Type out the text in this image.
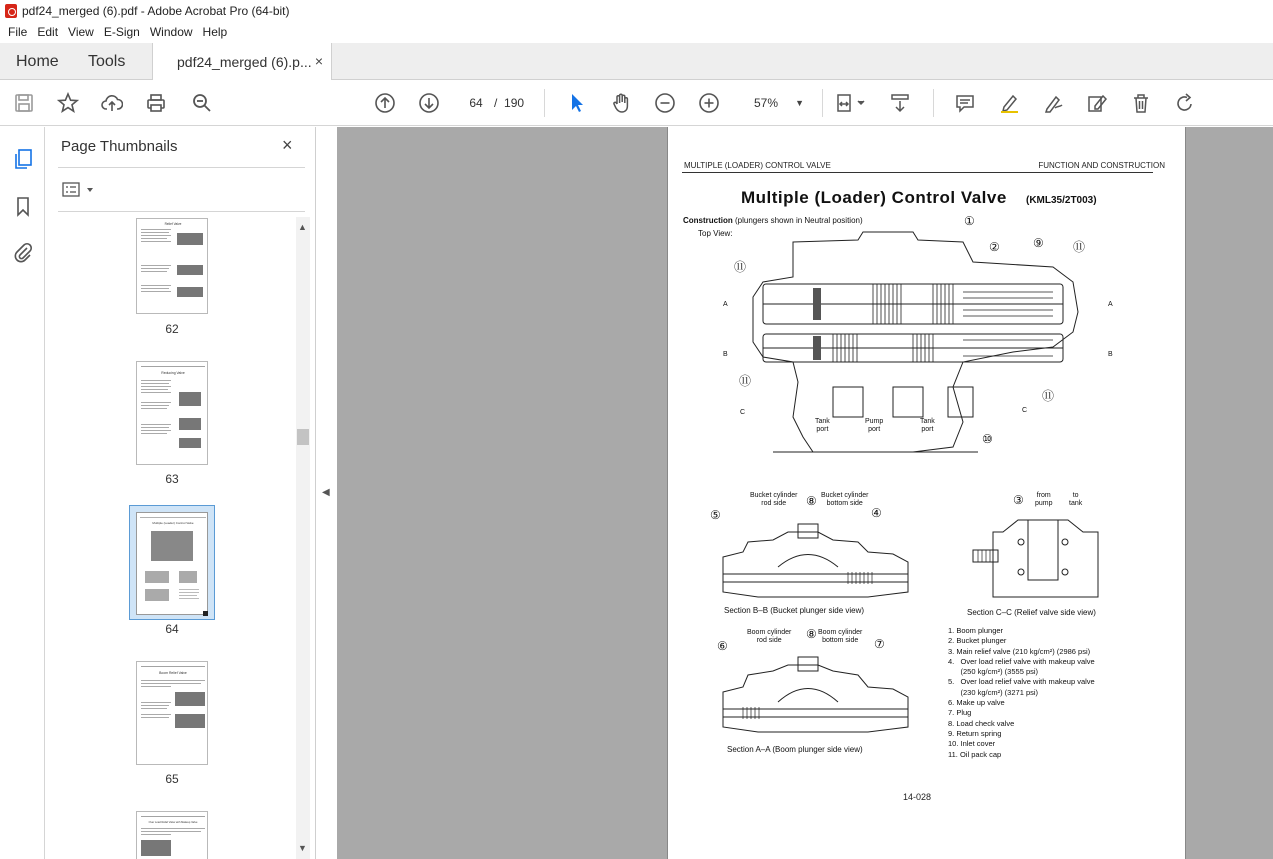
pdf24_merged (6).pdf - Adobe Acrobat Pro (64-bit)
File Edit View E-Sign Window Help
Home Tools	pdf24_merged (6).p... ×
64 / 190	57% ▼
Page Thumbnails	×
Relief Valve
62
Reducing Valve
63
Multiple (Loader) Control Valve
64
Boom Relief Valve
65
Over Load Relief Valve with Makeup Valve
▲
▼
◀
MULTIPLE (LOADER) CONTROL VALVE	FUNCTION AND CONSTRUCTION
Multiple (Loader) Control Valve (KML35/2T003)
Construction (plungers shown in Neutral position)
Top View:
①
②	⑨ ⑪
⑪
⑪
⑪
⑩
A	A
B	B
C	C
Tank
port
Pump
port
Tank
port
Bucket cylinder
rod side
Bucket cylinder
bottom side
⑤
⑧
④
Section B–B (Bucket plunger side view)
③ from
pump
to
tank
Section C–C (Relief valve side view)
Boom cylinder
rod side
Boom cylinder
bottom side
⑥
⑧
⑦
Section A–A (Boom plunger side view)
1. Boom plunger
2. Bucket plunger
3. Main relief valve (210 kg/cm²) (2986 psi)
4.   Over load relief valve with makeup valve
(250 kg/cm²) (3555 psi)
5.   Over load relief valve with makeup valve
(230 kg/cm²) (3271 psi)
6. Make up valve
7. Plug
8. Load check valve
9. Return spring
10. Inlet cover
11. Oil pack cap
14-028
